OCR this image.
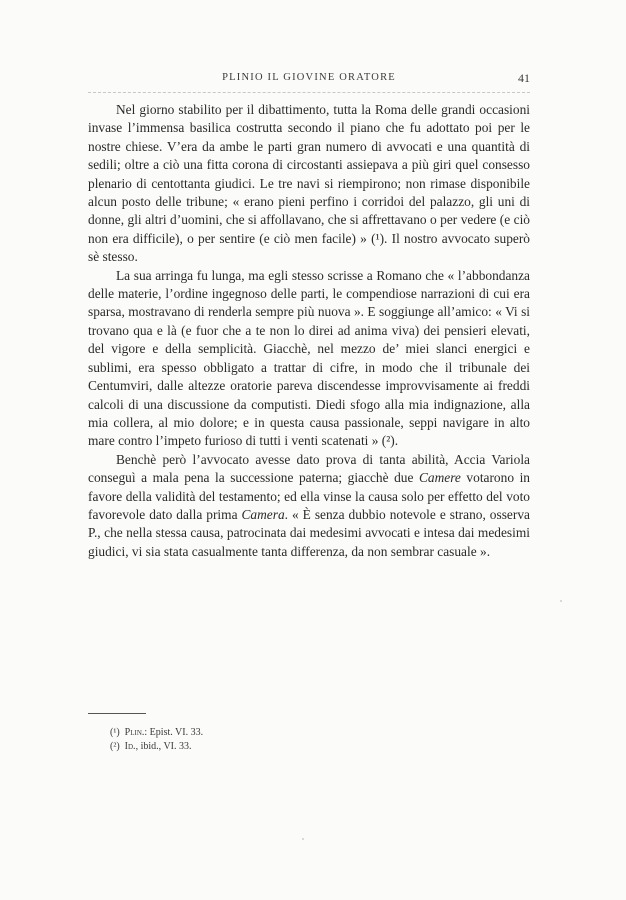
PLINIO IL GIOVINE ORATORE	41

Nel giorno stabilito per il dibattimento, tutta la Roma delle grandi occasioni invase l’immensa basilica costrutta secondo il piano che fu adottato poi per le nostre chiese. V’era da ambe le parti gran numero di avvocati e una quantità di sedili; oltre a ciò una fitta corona di circostanti assiepava a più giri quel consesso plenario di centottanta giudici. Le tre navi si riempirono; non rimase disponibile alcun posto delle tribune; « erano pieni perfino i corridoi del palazzo, gli uni di donne, gli altri d’uomini, che si affollavano, che si affrettavano o per vedere (e ciò non era difficile), o per sentire (e ciò men facile) » (¹). Il nostro avvocato superò sè stesso.

La sua arringa fu lunga, ma egli stesso scrisse a Romano che « l’abbondanza delle materie, l’ordine ingegnoso delle parti, le compendiose narrazioni di cui era sparsa, mostravano di renderla sempre più nuova ». E soggiunge all’amico: « Vi si trovano qua e là (e fuor che a te non lo direi ad anima viva) dei pensieri elevati, del vigore e della semplicità. Giacchè, nel mezzo de’ miei slanci energici e sublimi, era spesso obbligato a trattar di cifre, in modo che il tribunale dei Centumviri, dalle altezze oratorie pareva discendesse improvvisamente ai freddi calcoli di una discussione da computisti. Diedi sfogo alla mia indignazione, alla mia collera, al mio dolore; e in questa causa passionale, seppi navigare in alto mare contro l’impeto furioso di tutti i venti scatenati » (²).

Benchè però l’avvocato avesse dato prova di tanta abilità, Accia Variola conseguì a mala pena la successione paterna; giacchè due Camere votarono in favore della validità del testamento; ed ella vinse la causa solo per effetto del voto favorevole dato dalla prima Camera. « È senza dubbio notevole e strano, osserva P., che nella stessa causa, patrocinata dai medesimi avvocati e intesa dai medesimi giudici, vi sia stata casualmente tanta differenza, da non sembrar casuale ».

(¹) Plin.: Epist. VI. 33.

(²) Id., ibid., VI. 33.
